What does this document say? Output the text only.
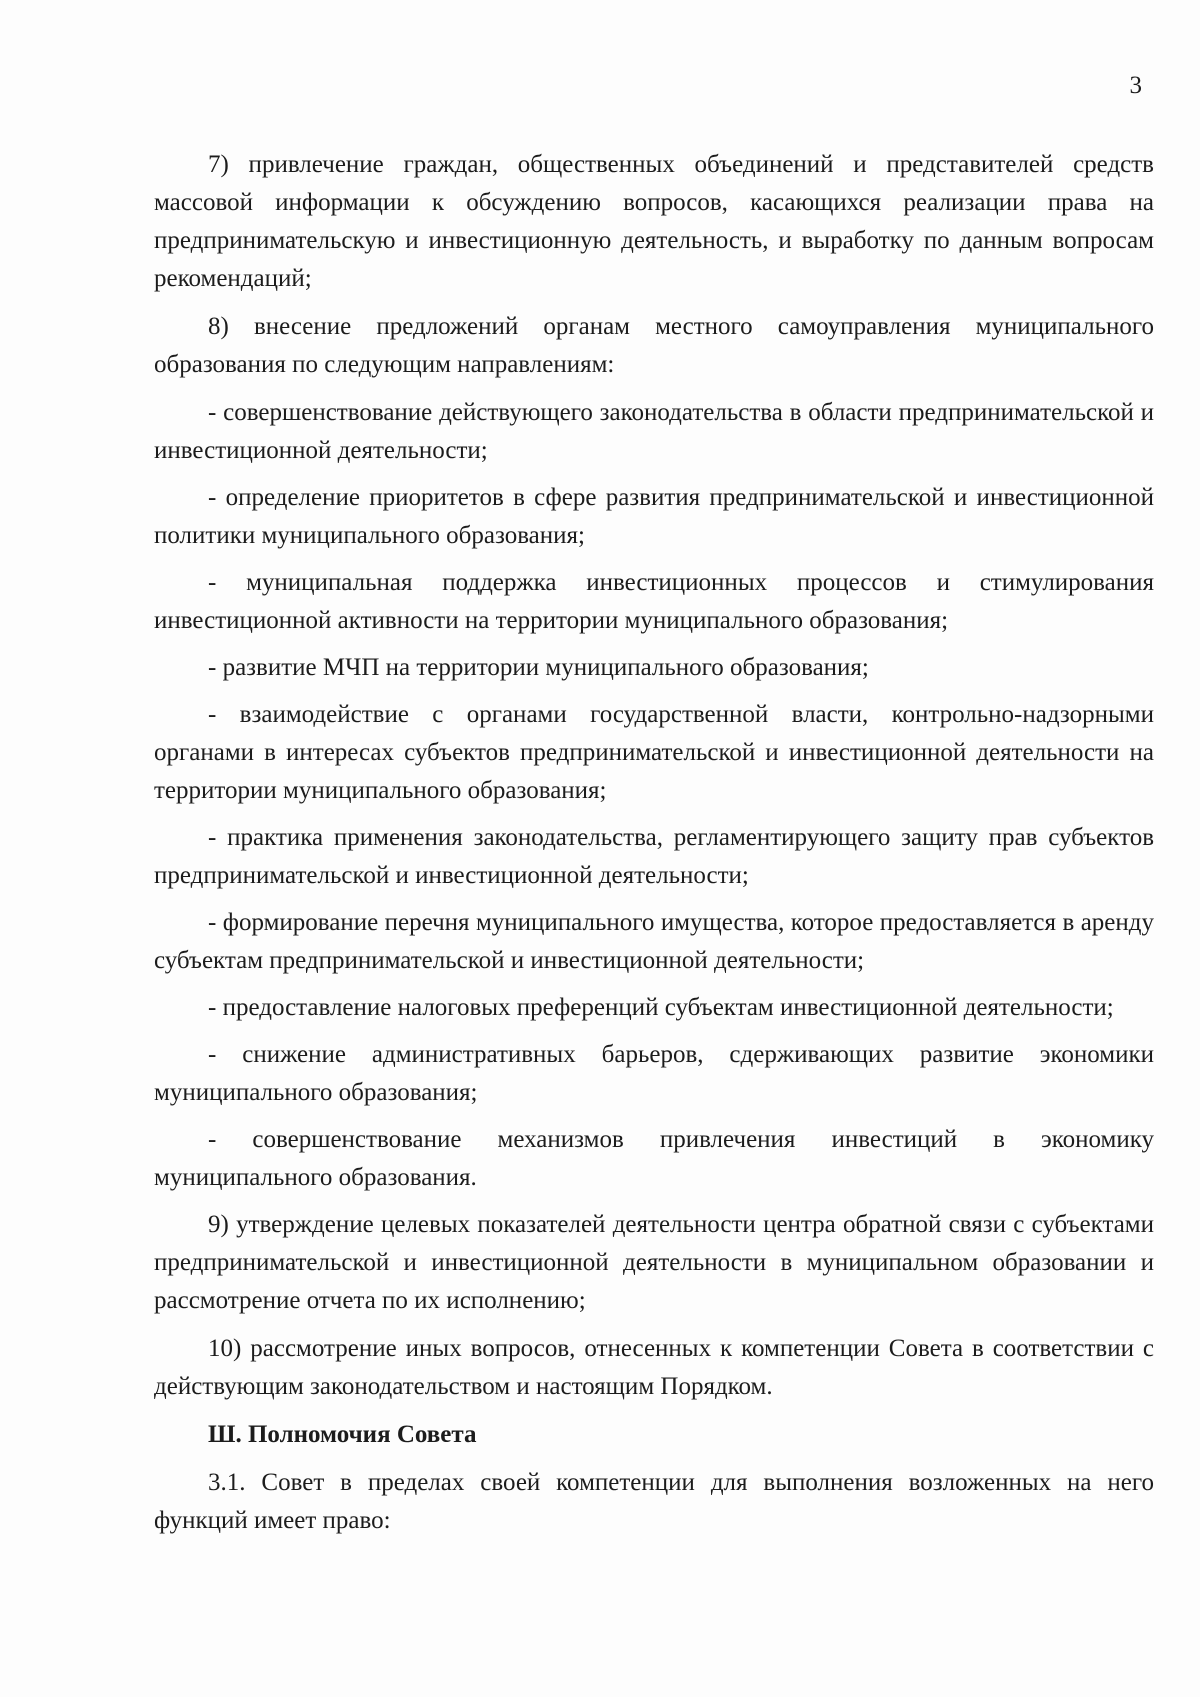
3

7) привлечение граждан, общественных объединений и представителей средств массовой информации к обсуждению вопросов, касающихся реализации права на предпринимательскую и инвестиционную деятельность, и выработку по данным вопросам рекомендаций;

8) внесение предложений органам местного самоуправления муниципального образования по следующим направлениям:

- совершенствование действующего законодательства в области предпринимательской и инвестиционной деятельности;

- определение приоритетов в сфере развития предпринимательской и инвестиционной политики муниципального образования;

- муниципальная поддержка инвестиционных процессов и стимулирования инвестиционной активности на территории муниципального образования;

- развитие МЧП на территории муниципального образования;

- взаимодействие с органами государственной власти, контрольно-надзорными органами в интересах субъектов предпринимательской и инвестиционной деятельности на территории муниципального образования;

- практика применения законодательства, регламентирующего защиту прав субъектов предпринимательской и инвестиционной деятельности;

- формирование перечня муниципального имущества, которое предоставляется в аренду субъектам предпринимательской и инвестиционной деятельности;

- предоставление налоговых преференций субъектам инвестиционной деятельности;

- снижение административных барьеров, сдерживающих развитие экономики муниципального образования;

- совершенствование механизмов привлечения инвестиций в экономику муниципального образования.

9) утверждение целевых показателей деятельности центра обратной связи с субъектами предпринимательской и инвестиционной деятельности в муниципальном образовании и рассмотрение отчета по их исполнению;

10) рассмотрение иных вопросов, отнесенных к компетенции Совета в соответствии с действующим законодательством и настоящим Порядком.

Ш. Полномочия Совета

3.1. Совет в пределах своей компетенции для выполнения возложенных на него функций имеет право:
